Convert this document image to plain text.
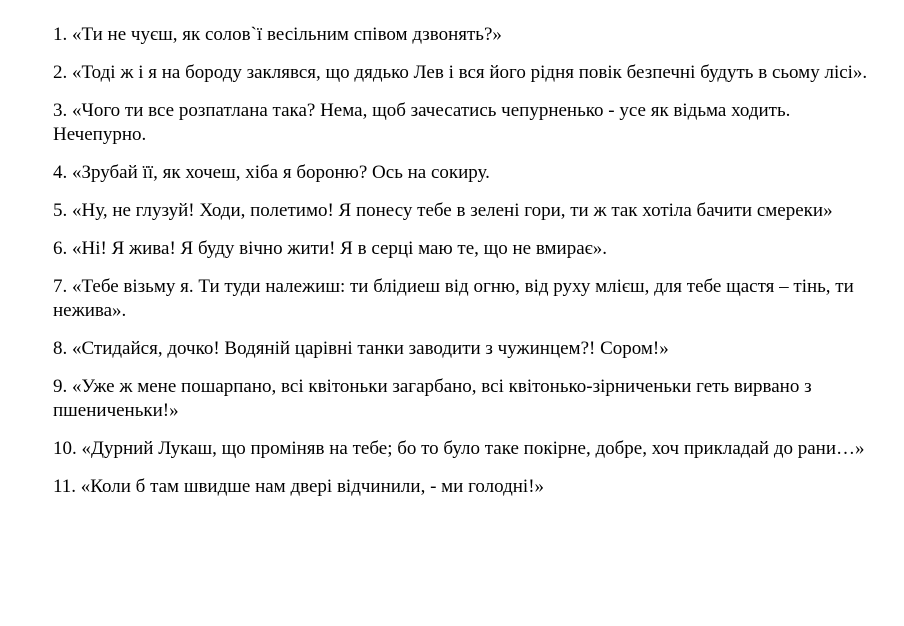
1. «Ти не чуєш, як солов`ї весільним співом дзвонять?»

2. «Тоді ж і я на бороду заклявся, що дядько Лев і вся його рідня повік безпечні будуть в сьому лісі».

3. «Чого ти все розпатлана така? Нема, щоб зачесатись чепурненько - усе як відьма ходить. Нечепурно.

4. «Зрубай її, як хочеш, хіба я бороню? Ось на сокиру.

5. «Ну, не глузуй! Ходи, полетимо! Я понесу тебе в зелені гори, ти ж так хотіла бачити смереки»

6. «Ні! Я жива! Я буду вічно жити! Я в серці маю те, що не вмирає».

7. «Тебе візьму я. Ти туди належиш: ти блідиеш від огню, від руху млієш, для тебе щастя – тінь, ти нежива».

8. «Стидайся, дочко! Водяній царівні танки заводити з чужинцем?! Сором!»

9. «Уже ж мене пошарпано, всі квітоньки загарбано, всі квітонько-зірниченьки геть вирвано з пшениченьки!»

10. «Дурний Лукаш, що проміняв на тебе; бо то було таке покірне, добре, хоч прикладай до рани…»

11. «Коли б там швидше нам двері відчинили, - ми голодні!»
